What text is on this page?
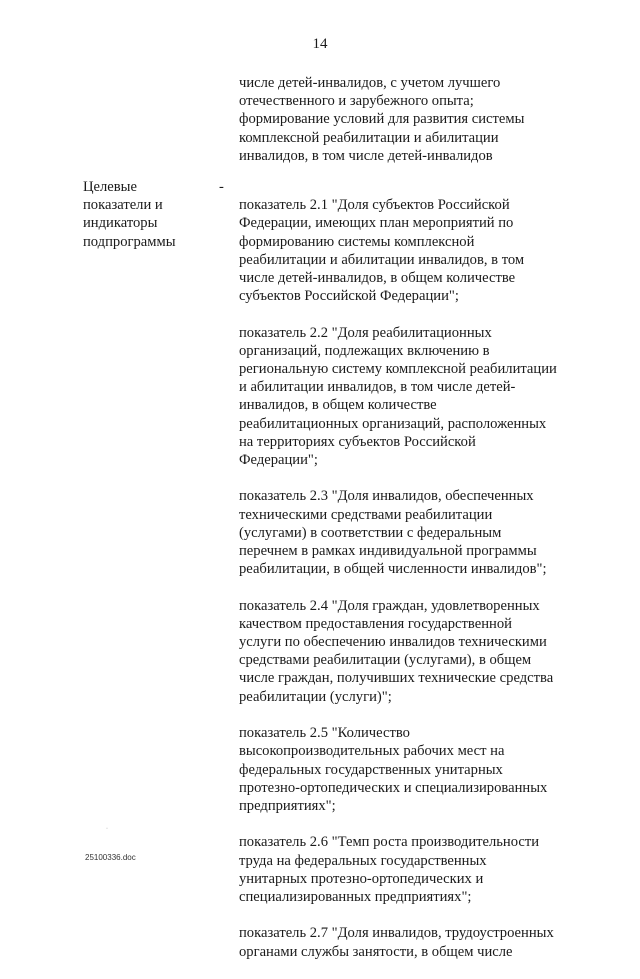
14
числе детей-инвалидов, с учетом лучшего
отечественного и зарубежного опыта;
формирование условий для развития системы
комплексной реабилитации и абилитации
инвалидов, в том числе детей-инвалидов
Целевые
показатели и
индикаторы
подпрограммы
-

показатель 2.1 "Доля субъектов Российской
Федерации, имеющих план мероприятий по
формированию системы комплексной
реабилитации и абилитации инвалидов, в том
числе детей-инвалидов, в общем количестве
субъектов Российской Федерации";

показатель 2.2 "Доля реабилитационных
организаций, подлежащих включению в
региональную систему комплексной реабилитации
и абилитации инвалидов, в том числе детей-
инвалидов, в общем количестве
реабилитационных организаций, расположенных
на территориях субъектов Российской
Федерации";

показатель 2.3 "Доля инвалидов, обеспеченных
техническими средствами реабилитации
(услугами) в соответствии с федеральным
перечнем в рамках индивидуальной программы
реабилитации, в общей численности инвалидов";

показатель 2.4 "Доля граждан, удовлетворенных
качеством предоставления государственной
услуги по обеспечению инвалидов техническими
средствами реабилитации (услугами), в общем
числе граждан, получивших технические средства
реабилитации (услуги)";

показатель 2.5 "Количество
высокопроизводительных рабочих мест на
федеральных государственных унитарных
протезно-ортопедических и специализированных
предприятиях";

показатель 2.6 "Темп роста производительности
труда на федеральных государственных
унитарных протезно-ортопедических и
специализированных предприятиях";

показатель 2.7 "Доля инвалидов, трудоустроенных
органами службы занятости, в общем числе

·
25100336.doc
